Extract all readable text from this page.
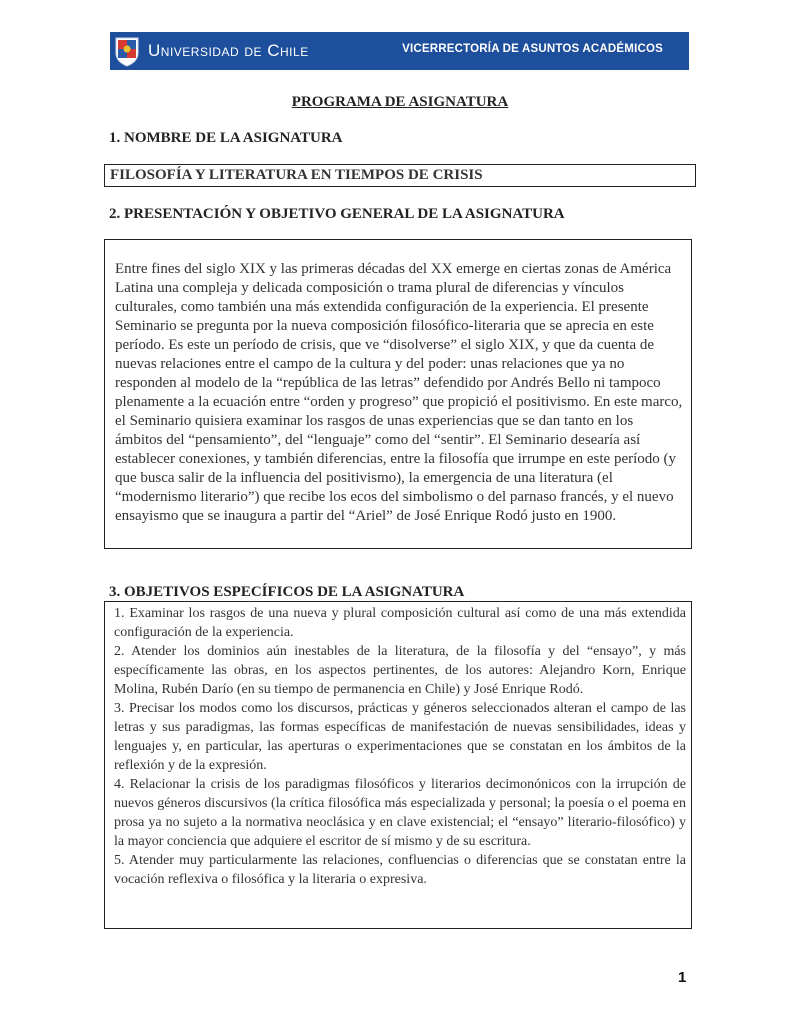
Universidad de Chile	VICERRECTORÍA DE ASUNTOS ACADÉMICOS
PROGRAMA DE ASIGNATURA
1. NOMBRE DE LA ASIGNATURA
FILOSOFÍA Y LITERATURA EN TIEMPOS DE CRISIS
2. PRESENTACIÓN Y OBJETIVO GENERAL DE LA ASIGNATURA

Entre fines del siglo XIX y las primeras décadas del XX emerge en ciertas zonas de América Latina una compleja y delicada composición o trama plural de diferencias y vínculos culturales, como también una más extendida configuración de la experiencia. El presente Seminario se pregunta por la nueva composición filosófico-literaria que se aprecia en este período. Es este un período de crisis, que ve “disolverse” el siglo XIX, y que da cuenta de nuevas relaciones entre el campo de la cultura y del poder: unas relaciones que ya no responden al modelo de la “república de las letras” defendido por Andrés Bello ni tampoco plenamente a la ecuación entre “orden y progreso” que propició el positivismo. En este marco, el Seminario quisiera examinar los rasgos de unas experiencias que se dan tanto en los ámbitos del “pensamiento”, del “lenguaje” como del “sentir”. El Seminario desearía así establecer conexiones, y también diferencias, entre la filosofía que irrumpe en este período (y que busca salir de la influencia del positivismo), la emergencia de una literatura (el “modernismo literario”) que recibe los ecos del simbolismo o del parnaso francés, y el nuevo ensayismo que se inaugura a partir del “Ariel” de José Enrique Rodó justo en 1900.

3. OBJETIVOS ESPECÍFICOS DE LA ASIGNATURA

1. Examinar los rasgos de una nueva y plural composición cultural así como de una más extendida configuración de la experiencia.

2. Atender los dominios aún inestables de la literatura, de la filosofía y del “ensayo”, y más específicamente las obras, en los aspectos pertinentes, de los autores: Alejandro Korn, Enrique Molina, Rubén Darío (en su tiempo de permanencia en Chile) y José Enrique Rodó.

3. Precisar los modos como los discursos, prácticas y géneros seleccionados alteran el campo de las letras y sus paradigmas, las formas específicas de manifestación de nuevas sensibilidades, ideas y lenguajes y, en particular, las aperturas o experimentaciones que se constatan en los ámbitos de la reflexión y de la expresión.

4. Relacionar la crisis de los paradigmas filosóficos y literarios decimonónicos con la irrupción de nuevos géneros discursivos (la crítica filosófica más especializada y personal; la poesía o el poema en prosa ya no sujeto a la normativa neoclásica y en clave existencial; el “ensayo” literario-filosófico) y la mayor conciencia que adquiere el escritor de sí mismo y de su escritura.

5. Atender muy particularmente las relaciones, confluencias o diferencias que se constatan entre la vocación reflexiva o filosófica y la literaria o expresiva.

1
